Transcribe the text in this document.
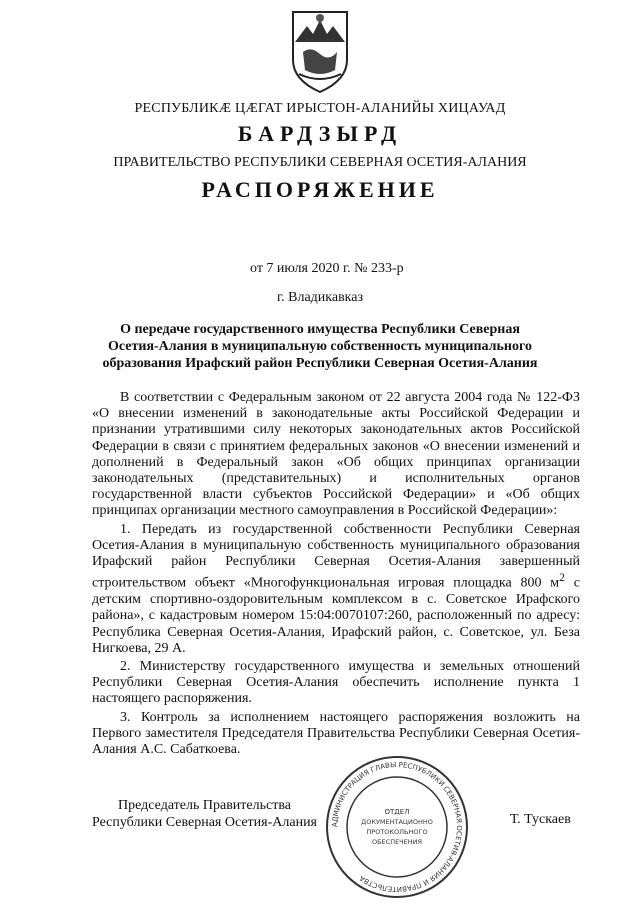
РЕСПУБЛИКӔ ЦӔГАТ ИРЫСТОН-АЛАНИЙЫ ХИЦАУАД
БАРДЗЫРД
ПРАВИТЕЛЬСТВО РЕСПУБЛИКИ СЕВЕРНАЯ ОСЕТИЯ-АЛАНИЯ
РАСПОРЯЖЕНИЕ
от 7 июля 2020 г. № 233-р
г. Владикавказ
О передаче государственного имущества Республики Северная Осетия-Алания в муниципальную собственность муниципального образования Ирафский район Республики Северная Осетия-Алания

В соответствии с Федеральным законом от 22 августа 2004 года № 122-ФЗ «О внесении изменений в законодательные акты Российской Федерации и признании утратившими силу некоторых законодательных актов Российской Федерации в связи с принятием федеральных законов «О внесении изменений и дополнений в Федеральный закон «Об общих принципах организации законодательных (представительных) и исполнительных органов государственной власти субъектов Российской Федерации» и «Об общих принципах организации местного самоуправления в Российской Федерации»:

1. Передать из государственной собственности Республики Северная Осетия-Алания в муниципальную собственность муниципального образования Ирафский район Республики Северная Осетия-Алания завершенный строительством объект «Многофункциональная игровая площадка 800 $м^2$ с детским спортивно-оздоровительным комплексом в с. Советское Ирафского района», с кадастровым номером 15:04:0070107:260, расположенный по адресу: Республика Северная Осетия-Алания, Ирафский район, с. Советское, ул. Беза Нигкоева, 29 А.

2. Министерству государственного имущества и земельных отношений Республики Северная Осетия-Алания обеспечить исполнение пункта 1 настоящего распоряжения.

3. Контроль за исполнением настоящего распоряжения возложить на Первого заместителя Председателя Правительства Республики Северная Осетия-Алания А.С. Сабаткоева.

Председатель Правительства
Республики Северная Осетия-Алания АДМИНИСТРАЦИЯ ГЛАВЫ РЕСПУБЛИКИ СЕВЕРНАЯ ОСЕТИЯ-АЛАНИЯ И ПРАВИТЕЛЬСТВА
ОТДЕЛ
ДОКУМЕНТАЦИОННО
ПРОТОКОЛЬНОГО
ОБЕСПЕЧЕНИЯ
Т. Тускаев
